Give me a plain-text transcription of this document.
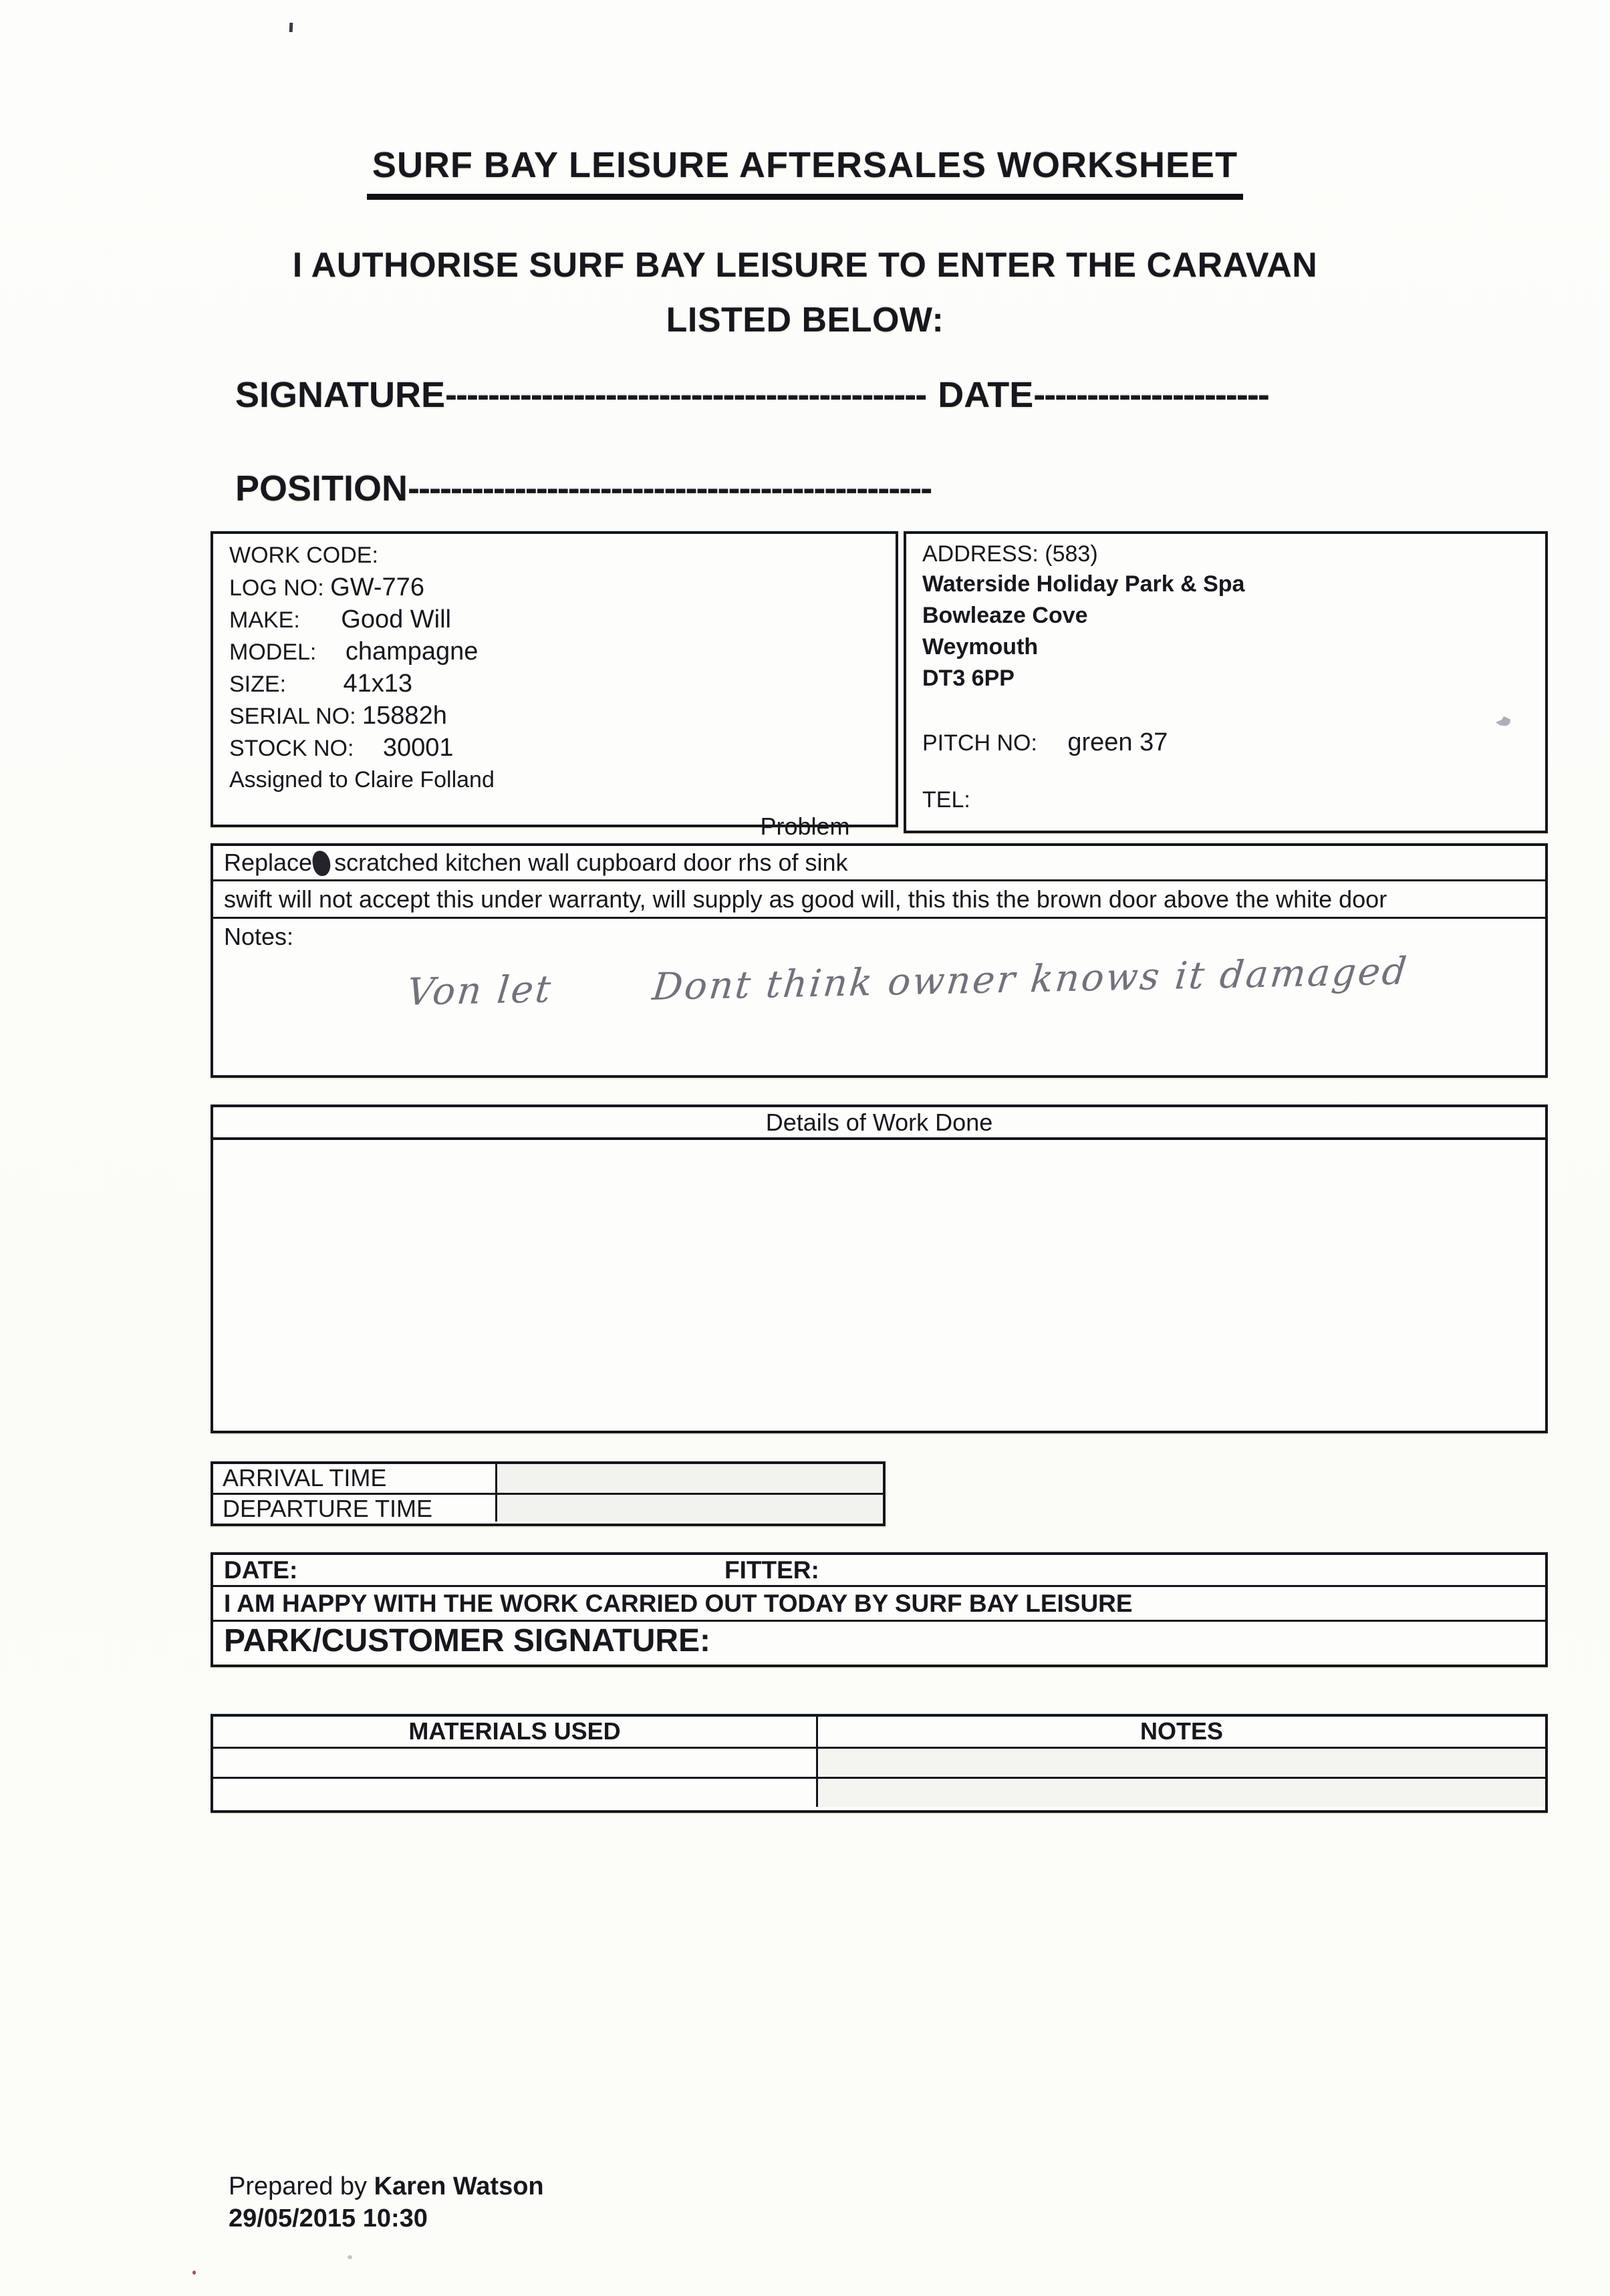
SURF BAY LEISURE AFTERSALES WORKSHEET
I AUTHORISE SURF BAY LEISURE TO ENTER THE CARAVAN
LISTED BELOW:
SIGNATURE--------------------------------------------- DATE----------------------
POSITION-------------------------------------------------
WORK CODE:
LOG NO: GW-776
MAKE: Good Will
MODEL: champagne
SIZE: 41x13
SERIAL NO: 15882h
STOCK NO: 30001
Assigned to Claire Folland
ADDRESS: (583)
Waterside Holiday Park & Spa
Bowleaze Cove
Weymouth
DT3 6PP
PITCH NO: green 37
TEL:
Problem
Replace scratched kitchen wall cupboard door rhs of sink
swift will not accept this under warranty, will supply as good will, this this the brown door above the white door
Notes:
Von let	Dont think owner knows it damaged
Details of Work Done
ARRIVAL TIME
DEPARTURE TIME
DATE:	FITTER:
I AM HAPPY WITH THE WORK CARRIED OUT TODAY BY SURF BAY LEISURE
PARK/CUSTOMER SIGNATURE:
MATERIALS USED	NOTES
Prepared by Karen Watson
29/05/2015 10:30
